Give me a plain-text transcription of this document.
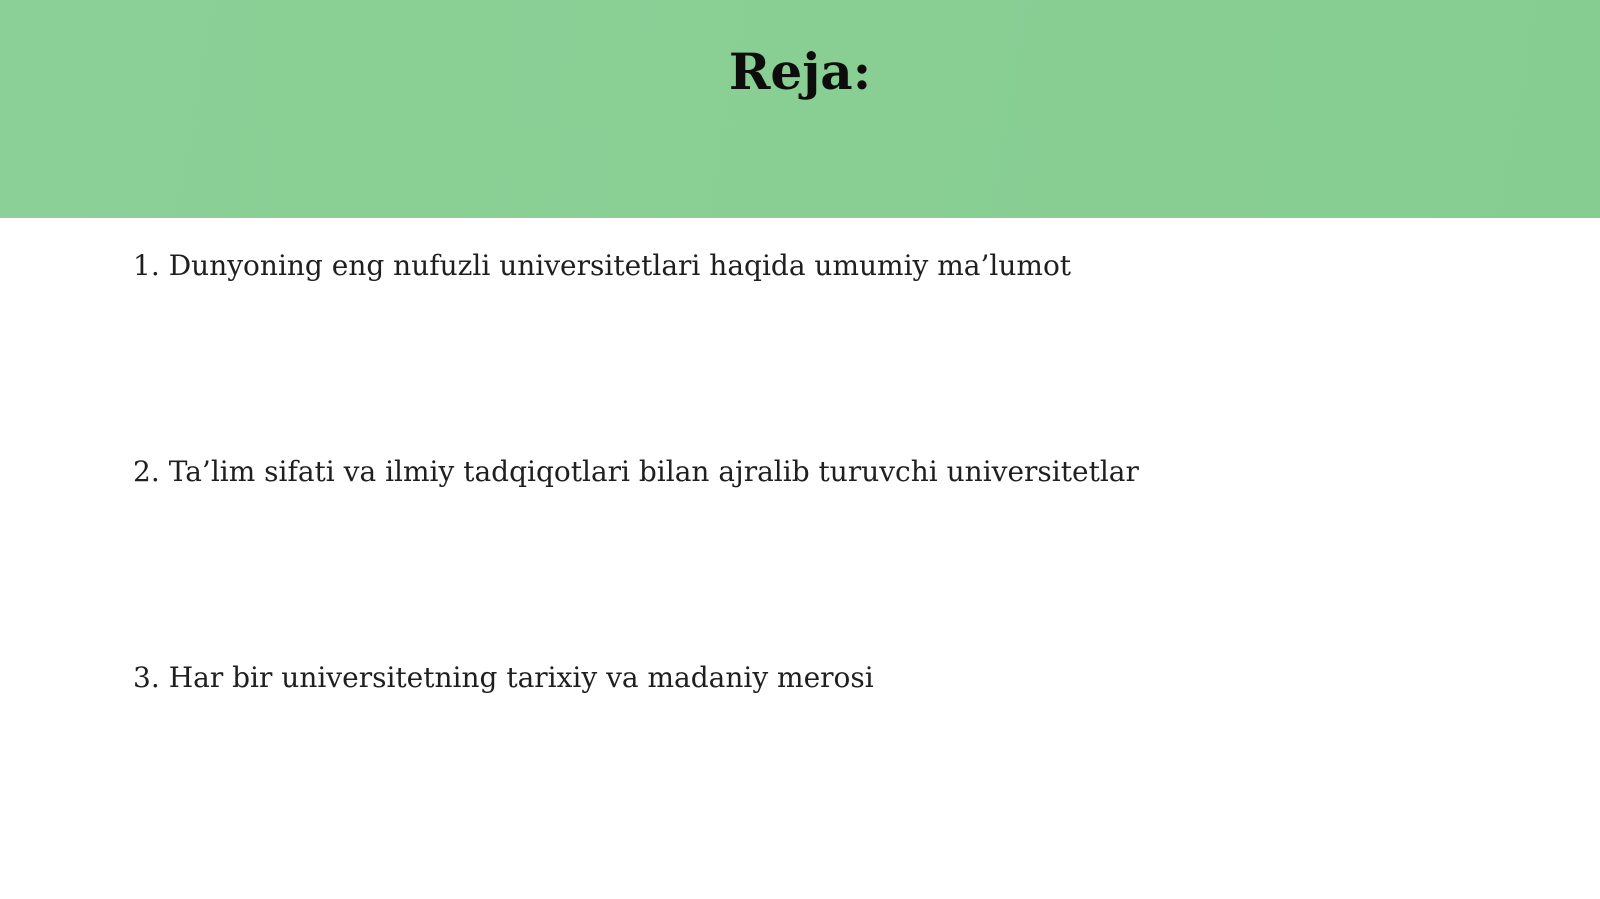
Reja:
1. Dunyoning eng nufuzli universitetlari haqida umumiy ma’lumot
2. Ta’lim sifati va ilmiy tadqiqotlari bilan ajralib turuvchi universitetlar
3. Har bir universitetning tarixiy va madaniy merosi
